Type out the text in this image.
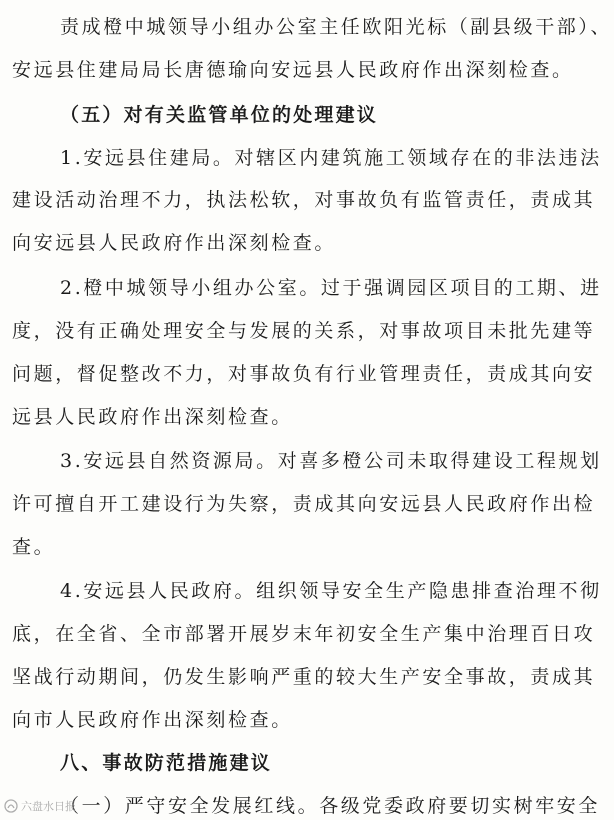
责成橙中城领导小组办公室主任欧阳光标（副县级干部）、
安远县住建局局长唐德瑜向安远县人民政府作出深刻检查。
（五）对有关监管单位的处理建议
1.安远县住建局。对辖区内建筑施工领域存在的非法违法
建设活动治理不力，执法松软，对事故负有监管责任，责成其
向安远县人民政府作出深刻检查。
2.橙中城领导小组办公室。过于强调园区项目的工期、进
度，没有正确处理安全与发展的关系，对事故项目未批先建等
问题，督促整改不力，对事故负有行业管理责任，责成其向安
远县人民政府作出深刻检查。
3.安远县自然资源局。对喜多橙公司未取得建设工程规划
许可擅自开工建设行为失察，责成其向安远县人民政府作出检
查。
4.安远县人民政府。组织领导安全生产隐患排查治理不彻
底，在全省、全市部署开展岁末年初安全生产集中治理百日攻
坚战行动期间，仍发生影响严重的较大生产安全事故，责成其
向市人民政府作出深刻检查。
八、事故防范措施建议
（一）严守安全发展红线。各级党委政府要切实树牢安全
六盘水日报
